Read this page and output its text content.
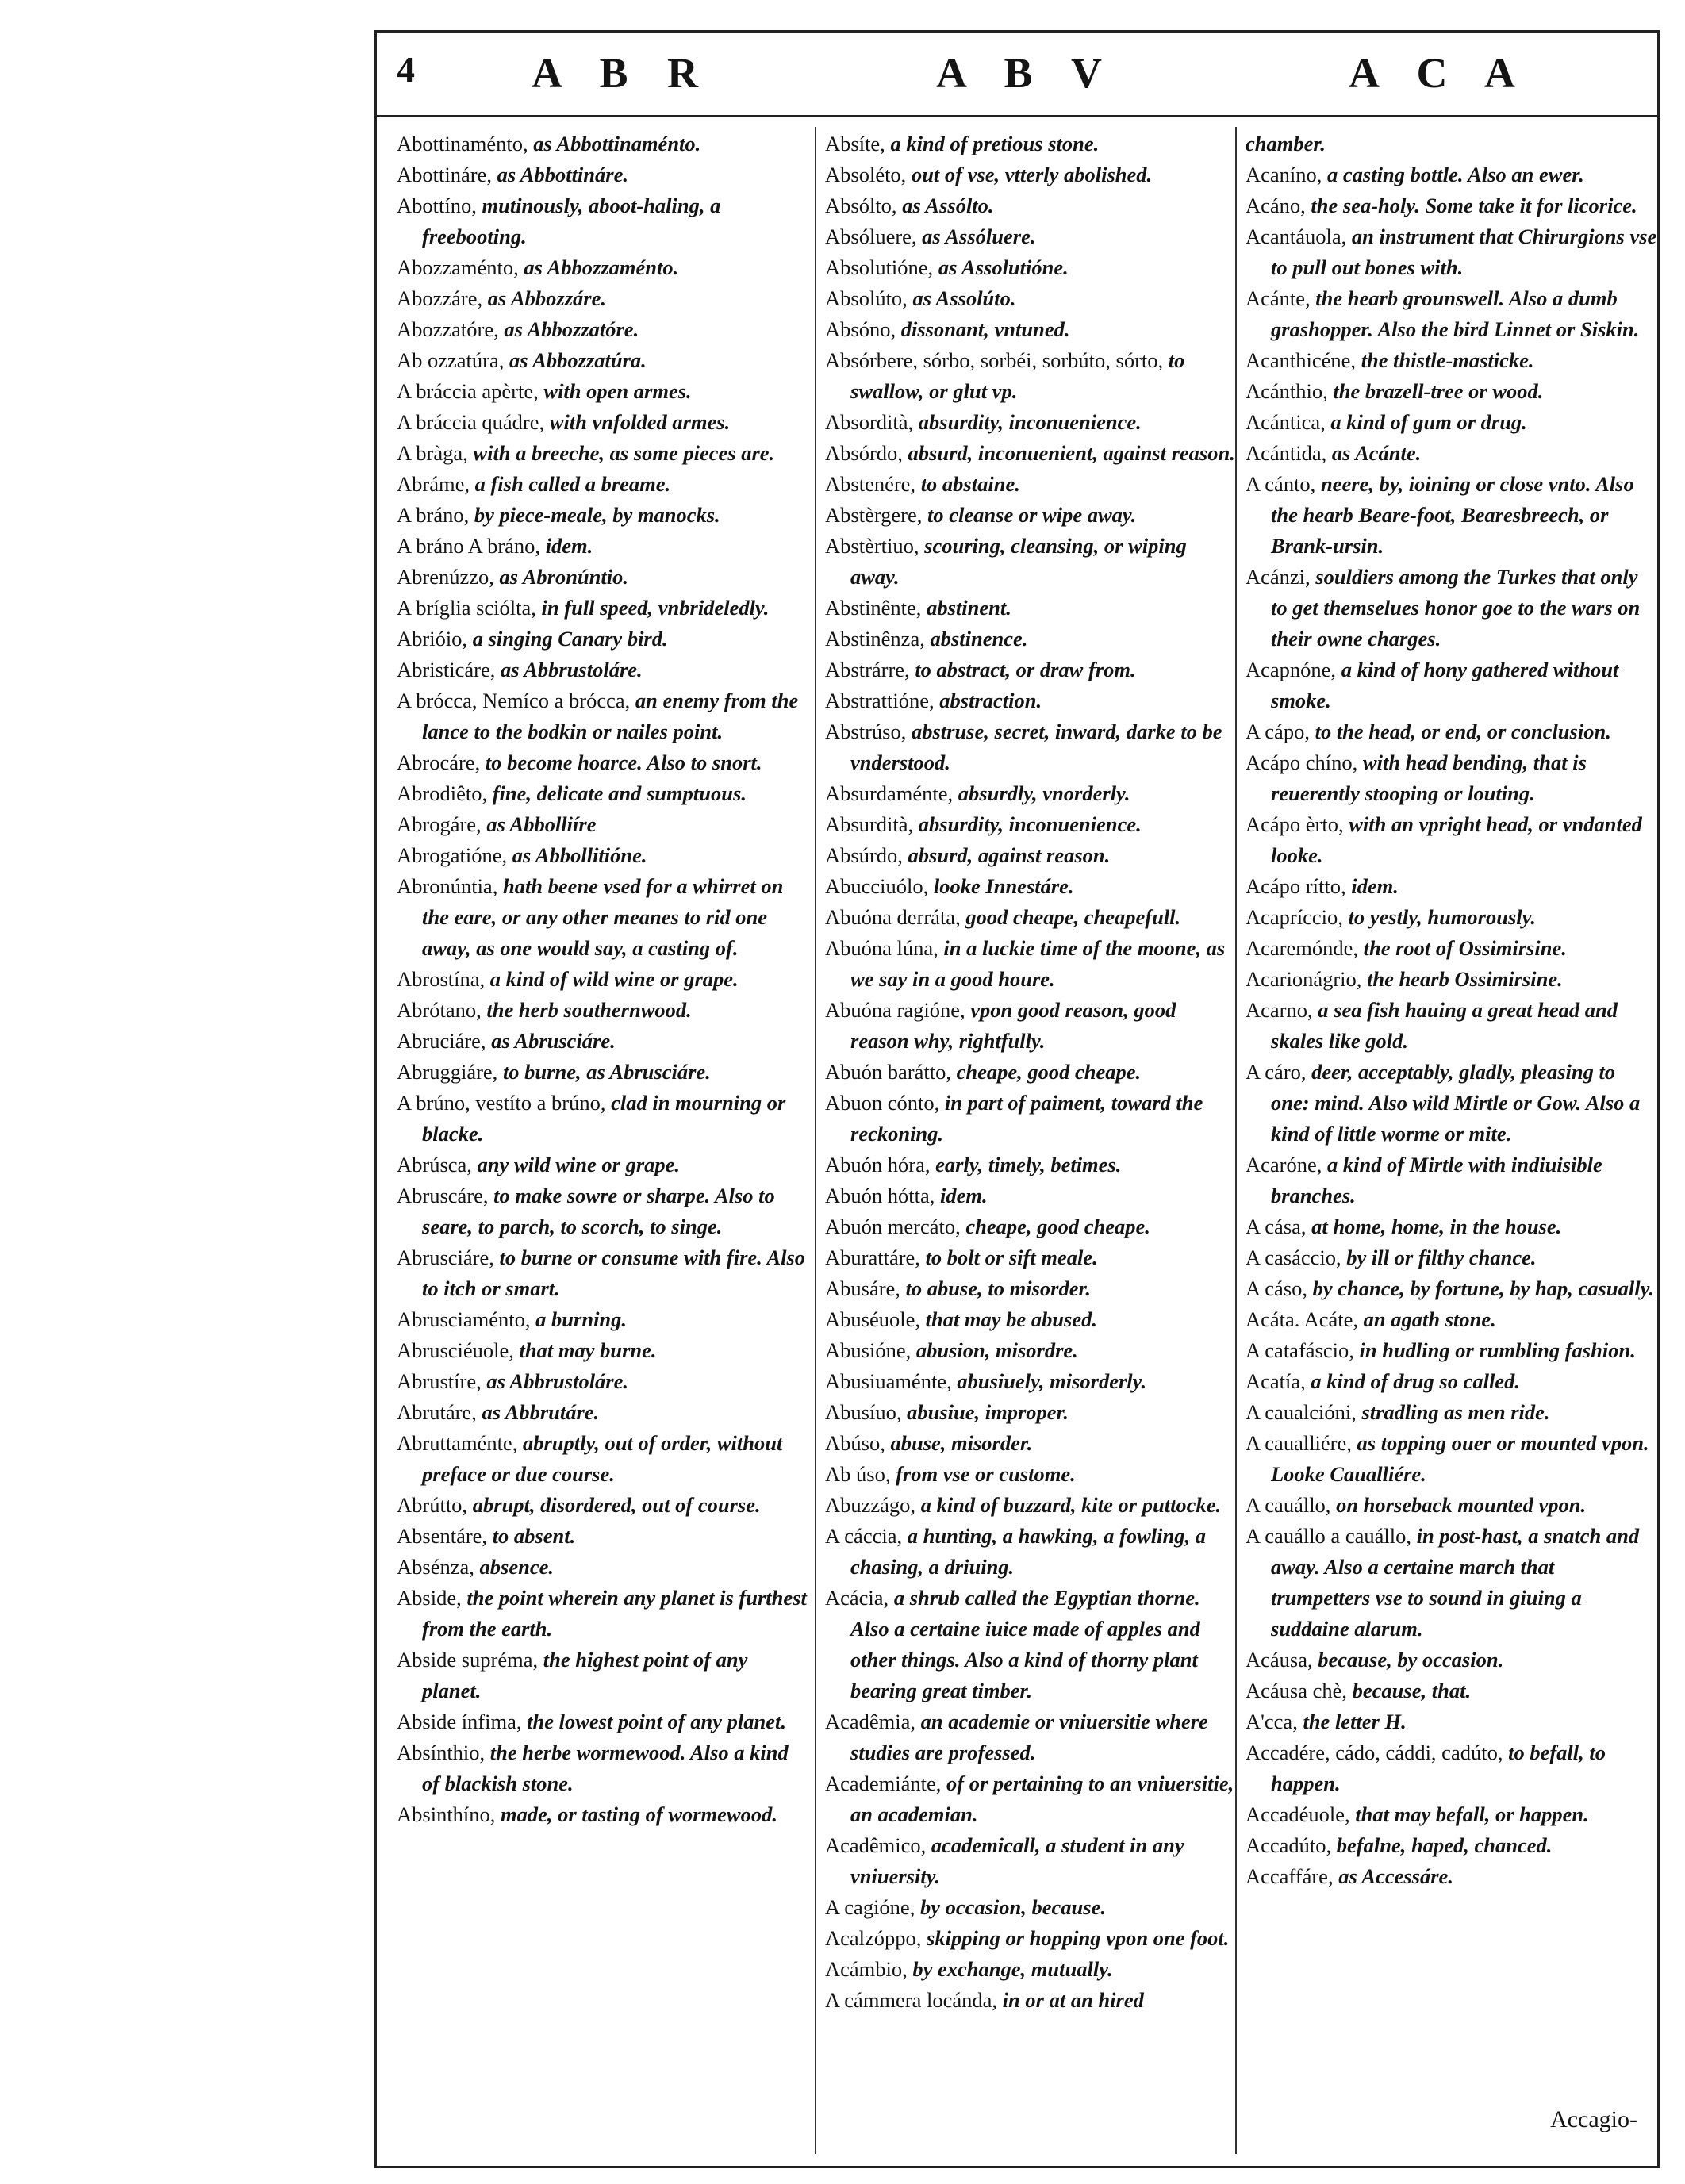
4	A B R	A B V	A C A

Abottinaménto, as Abbottinaménto.

Abottináre, as Abbottináre.

Abottíno, mutinously, aboot-haling, a freebooting.

Abozzaménto, as Abbozzaménto.

Abozzáre, as Abbozzáre.

Abozzatóre, as Abbozzatóre.

Ab ozzatúra, as Abbozzatúra.

A bráccia apèrte, with open armes.

A bráccia quádre, with vnfolded armes.

A bràga, with a breeche, as some pieces are.

Abráme, a fish called a breame.

A bráno, by piece-meale, by manocks.

A bráno A bráno, idem.

Abrenúzzo, as Abronúntio.

A bríglia sciólta, in full speed, vnbrideledly.

Abrióio, a singing Canary bird.

Abristicáre, as Abbrustoláre.

A brócca, Nemíco a brócca, an enemy from the lance to the bodkin or nailes point.

Abrocáre, to become hoarce. Also to snort.

Abrodiêto, fine, delicate and sumptuous.

Abrogáre, as Abbolliíre

Abrogatióne, as Abbollitióne.

Abronúntia, hath beene vsed for a whirret on the eare, or any other meanes to rid one away, as one would say, a casting of.

Abrostína, a kind of wild wine or grape.

Abrótano, the herb southernwood.

Abruciáre, as Abrusciáre.

Abruggiáre, to burne, as Abrusciáre.

A brúno, vestíto a brúno, clad in mourning or blacke.

Abrúsca, any wild wine or grape.

Abruscáre, to make sowre or sharpe. Also to seare, to parch, to scorch, to singe.

Abrusciáre, to burne or consume with fire. Also to itch or smart.

Abrusciaménto, a burning.

Abrusciéuole, that may burne.

Abrustíre, as Abbrustoláre.

Abrutáre, as Abbrutáre.

Abruttaménte, abruptly, out of order, without preface or due course.

Abrútto, abrupt, disordered, out of course.

Absentáre, to absent.

Absénza, absence.

Abside, the point wherein any planet is furthest from the earth.

Abside supréma, the highest point of any planet.

Abside ínfima, the lowest point of any planet.

Absínthio, the herbe wormewood. Also a kind of blackish stone.

Absinthíno, made, or tasting of wormewood.

Absíte, a kind of pretious stone.

Absoléto, out of vse, vtterly abolished.

Absólto, as Assólto.

Absóluere, as Assóluere.

Absolutióne, as Assolutióne.

Absolúto, as Assolúto.

Absóno, dissonant, vntuned.

Absórbere, sórbo, sorbéi, sorbúto, sórto, to swallow, or glut vp.

Absordità, absurdity, inconuenience.

Absórdo, absurd, inconuenient, against reason.

Abstenére, to abstaine.

Abstèrgere, to cleanse or wipe away.

Abstèrtiuo, scouring, cleansing, or wiping away.

Abstinênte, abstinent.

Abstinênza, abstinence.

Abstrárre, to abstract, or draw from.

Abstrattióne, abstraction.

Abstrúso, abstruse, secret, inward, darke to be vnderstood.

Absurdaménte, absurdly, vnorderly.

Absurdità, absurdity, inconuenience.

Absúrdo, absurd, against reason.

Abucciuólo, looke Innestáre.

Abuóna derráta, good cheape, cheapefull.

Abuóna lúna, in a luckie time of the moone, as we say in a good houre.

Abuóna ragióne, vpon good reason, good reason why, rightfully.

Abuón barátto, cheape, good cheape.

Abuon cónto, in part of paiment, toward the reckoning.

Abuón hóra, early, timely, betimes.

Abuón hótta, idem.

Abuón mercáto, cheape, good cheape.

Aburattáre, to bolt or sift meale.

Abusáre, to abuse, to misorder.

Abuséuole, that may be abused.

Abusióne, abusion, misordre.

Abusiuaménte, abusiuely, misorderly.

Abusíuo, abusiue, improper.

Abúso, abuse, misorder.

Ab úso, from vse or custome.

Abuzzágo, a kind of buzzard, kite or puttocke.

A cáccia, a hunting, a hawking, a fowling, a chasing, a driuing.

Acácia, a shrub called the Egyptian thorne. Also a certaine iuice made of apples and other things. Also a kind of thorny plant bearing great timber.

Acadêmia, an academie or vniuersitie where studies are professed.

Academiánte, of or pertaining to an vniuersitie, an academian.

Acadêmico, academicall, a student in any vniuersity.

A cagióne, by occasion, because.

Acalzóppo, skipping or hopping vpon one foot.

Acámbio, by exchange, mutually.

A cámmera locánda, in or at an hired

chamber.

Acaníno, a casting bottle. Also an ewer.

Acáno, the sea-holy. Some take it for licorice.

Acantáuola, an instrument that Chirurgions vse to pull out bones with.

Acánte, the hearb grounswell. Also a dumb grashopper. Also the bird Linnet or Siskin.

Acanthicéne, the thistle-masticke.

Acánthio, the brazell-tree or wood.

Acántica, a kind of gum or drug.

Acántida, as Acánte.

A cánto, neere, by, ioining or close vnto. Also the hearb Beare-foot, Bearesbreech, or Brank-ursin.

Acánzi, souldiers among the Turkes that only to get themselues honor goe to the wars on their owne charges.

Acapnóne, a kind of hony gathered without smoke.

A cápo, to the head, or end, or conclusion.

Acápo chíno, with head bending, that is reuerently stooping or louting.

Acápo èrto, with an vpright head, or vndanted looke.

Acápo rítto, idem.

Acapríccio, to yestly, humorously.

Acaremónde, the root of Ossimirsine.

Acarionágrio, the hearb Ossimirsine.

Acarno, a sea fish hauing a great head and skales like gold.

A cáro, deer, acceptably, gladly, pleasing to one: mind. Also wild Mirtle or Gow. Also a kind of little worme or mite.

Acaróne, a kind of Mirtle with indiuisible branches.

A cása, at home, home, in the house.

A casáccio, by ill or filthy chance.

A cáso, by chance, by fortune, by hap, casually.

Acáta. Acáte, an agath stone.

A catafáscio, in hudling or rumbling fashion.

Acatía, a kind of drug so called.

A caualcióni, stradling as men ride.

A caualliére, as topping ouer or mounted vpon. Looke Caualliére.

A cauállo, on horseback mounted vpon.

A cauállo a cauállo, in post-hast, a snatch and away. Also a certaine march that trumpetters vse to sound in giuing a suddaine alarum.

Acáusa, because, by occasion.

Acáusa chè, because, that.

A'cca, the letter H.

Accadére, cádo, cáddi, cadúto, to befall, to happen.

Accadéuole, that may befall, or happen.

Accadúto, befalne, haped, chanced.

Accaffáre, as Accessáre.

Accagio-
